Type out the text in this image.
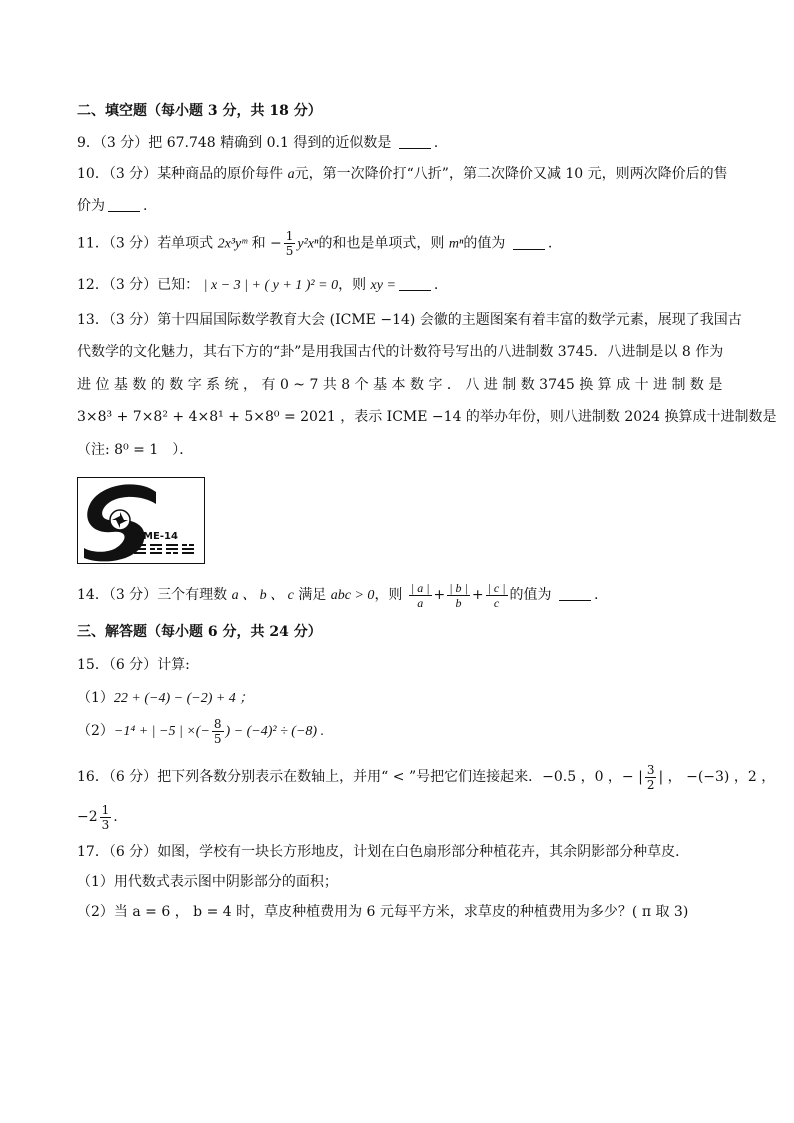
二、填空题（每小题 3 分，共 18 分）
9．（3 分）把 67.748 精确到 0.1 得到的近似数是	.
10．（3 分）某种商品的原价每件 a元，第一次降价打“八折”，第二次降价又减 10 元，则两次降价后的售
价为	.
11．（3 分）若单项式 2x³yᵐ 和 − $\frac{1}{5} y^2x^n$的和也是单项式，则 mⁿ的值为	.
12．（3 分）已知： | x − 3 | + ( y + 1 )² = 0，则 xy =	.
13．（3 分）第十四届国际数学教育大会 (ICME −14) 会徽的主题图案有着丰富的数学元素，展现了我国古
代数学的文化魅力，其右下方的“卦”是用我国古代的计数符号写出的八进制数 3745．八进制是以 8 作为
进 位 基 数 的 数 字 系 统 ， 有 0 ~ 7 共 8 个 基 本 数 字 ． 八 进 制 数 3745 换 算 成 十 进 制 数 是
3×8³ + 7×8² + 4×8¹ + 5×8⁰ = 2021 ，表示 ICME −14 的举办年份，则八进制数 2024 换算成十进制数是
（注: 8⁰ = 1　）．
ICME-14
14．（3 分）三个有理数 a 、 b 、 c 满足 abc > 0，则 $\frac{| a |}{a} + \frac{| b |}{b} + \frac{| c |}{c}$ 的值为	.
三、解答题（每小题 6 分，共 24 分）
15．（6 分）计算:
（1）22 + (−4) − (−2) + 4 ；
（2）−1⁴ + | −5 | ×(− $\frac{8}{5}$ ) − (−4)² ÷ (−8) .
16．（6 分）把下列各数分别表示在数轴上，并用“ < ”号把它们连接起来．−0.5 ，0 ，− | $\frac{3}{2}$ | ， −(−3) ，2 ，
$-2 \frac{1}{3}$ .
17．（6 分）如图，学校有一块长方形地皮，计划在白色扇形部分种植花卉，其余阴影部分种草皮．
（1）用代数式表示图中阴影部分的面积；
（2）当 a = 6 ， b = 4 时，草皮种植费用为 6 元每平方米，求草皮的种植费用为多少？( π 取 3)
